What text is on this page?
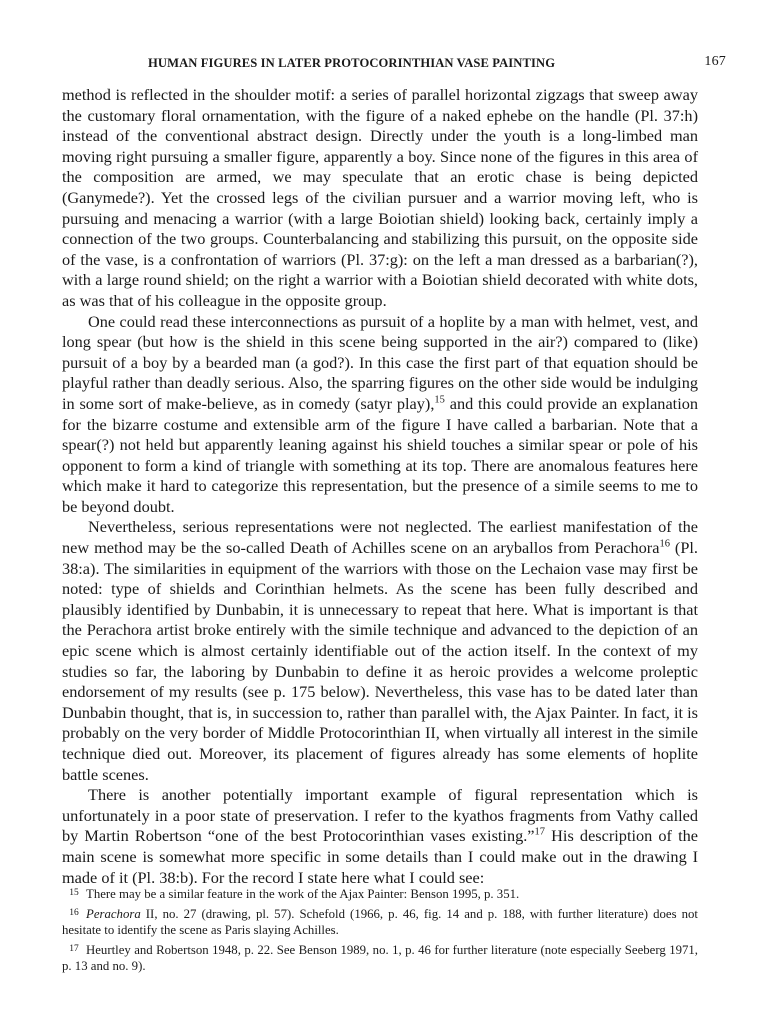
HUMAN FIGURES IN LATER PROTOCORINTHIAN VASE PAINTING	167

method is reflected in the shoulder motif: a series of parallel horizontal zigzags that sweep away the customary floral ornamentation, with the figure of a naked ephebe on the handle (Pl. 37:h) instead of the conventional abstract design. Directly under the youth is a long-limbed man moving right pursuing a smaller figure, apparently a boy. Since none of the figures in this area of the composition are armed, we may speculate that an erotic chase is being depicted (Ganymede?). Yet the crossed legs of the civilian pursuer and a warrior moving left, who is pursuing and menacing a warrior (with a large Boiotian shield) looking back, certainly imply a connection of the two groups. Counterbalancing and stabilizing this pursuit, on the opposite side of the vase, is a confrontation of warriors (Pl. 37:g): on the left a man dressed as a barbarian(?), with a large round shield; on the right a warrior with a Boiotian shield decorated with white dots, as was that of his colleague in the opposite group.

One could read these interconnections as pursuit of a hoplite by a man with helmet, vest, and long spear (but how is the shield in this scene being supported in the air?) compared to (like) pursuit of a boy by a bearded man (a god?). In this case the first part of that equation should be playful rather than deadly serious. Also, the sparring figures on the other side would be indulging in some sort of make-believe, as in comedy (satyr play),$^{15}$ and this could provide an explanation for the bizarre costume and extensible arm of the figure I have called a barbarian. Note that a spear(?) not held but apparently leaning against his shield touches a similar spear or pole of his opponent to form a kind of triangle with something at its top. There are anomalous features here which make it hard to categorize this representation, but the presence of a simile seems to me to be beyond doubt.

Nevertheless, serious representations were not neglected. The earliest manifestation of the new method may be the so-called Death of Achilles scene on an aryballos from Perachora$^{16}$ (Pl. 38:a). The similarities in equipment of the warriors with those on the Lechaion vase may first be noted: type of shields and Corinthian helmets. As the scene has been fully described and plausibly identified by Dunbabin, it is unnecessary to repeat that here. What is important is that the Perachora artist broke entirely with the simile technique and advanced to the depiction of an epic scene which is almost certainly identifiable out of the action itself. In the context of my studies so far, the laboring by Dunbabin to define it as heroic provides a welcome proleptic endorsement of my results (see p. 175 below). Nevertheless, this vase has to be dated later than Dunbabin thought, that is, in succession to, rather than parallel with, the Ajax Painter. In fact, it is probably on the very border of Middle Protocorinthian II, when virtually all interest in the simile technique died out. Moreover, its placement of figures already has some elements of hoplite battle scenes.

There is another potentially important example of figural representation which is unfortunately in a poor state of preservation. I refer to the kyathos fragments from Vathy called by Martin Robertson “one of the best Protocorinthian vases existing.”$^{17}$ His description of the main scene is somewhat more specific in some details than I could make out in the drawing I made of it (Pl. 38:b). For the record I state here what I could see:

15 There may be a similar feature in the work of the Ajax Painter: Benson 1995, p. 351.

16 Perachora II, no. 27 (drawing, pl. 57). Schefold (1966, p. 46, fig. 14 and p. 188, with further literature) does not hesitate to identify the scene as Paris slaying Achilles.

17 Heurtley and Robertson 1948, p. 22. See Benson 1989, no. 1, p. 46 for further literature (note especially Seeberg 1971, p. 13 and no. 9).
